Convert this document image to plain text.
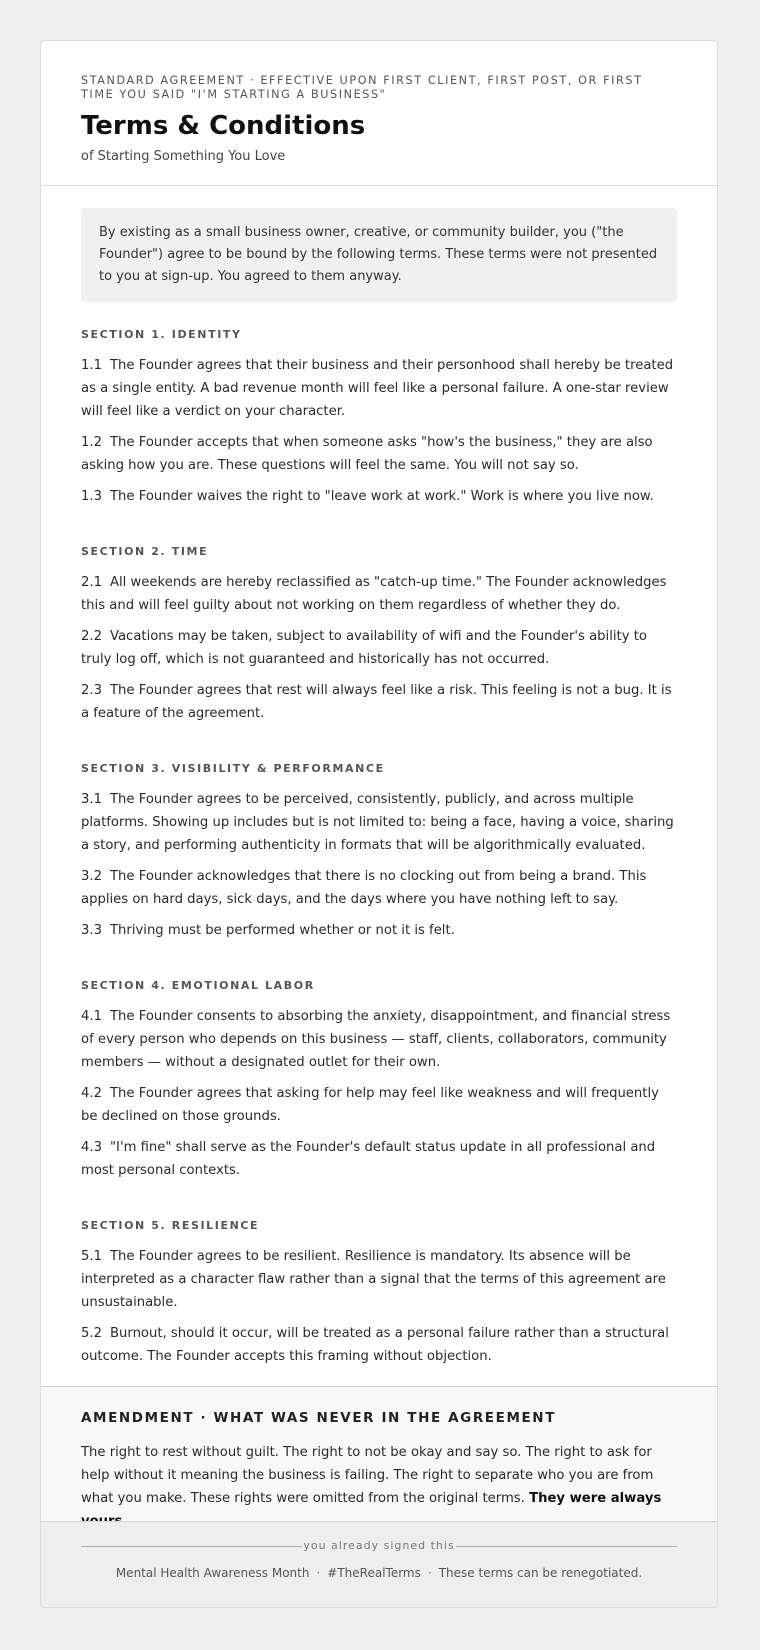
STANDARD AGREEMENT · EFFECTIVE UPON FIRST CLIENT, FIRST POST, OR FIRST TIME YOU SAID "I'M STARTING A BUSINESS"

Terms & Conditions

of Starting Something You Love

By existing as a small business owner, creative, or community builder, you ("the Founder") agree to be bound by the following terms. These terms were not presented to you at sign-up. You agreed to them anyway.
SECTION 1. IDENTITY

1.1 The Founder agrees that their business and their personhood shall hereby be treated as a single entity. A bad revenue month will feel like a personal failure. A one-star review will feel like a verdict on your character.

1.2 The Founder accepts that when someone asks "how's the business," they are also asking how you are. These questions will feel the same. You will not say so.

1.3 The Founder waives the right to "leave work at work." Work is where you live now.

SECTION 2. TIME

2.1 All weekends are hereby reclassified as "catch-up time." The Founder acknowledges this and will feel guilty about not working on them regardless of whether they do.

2.2 Vacations may be taken, subject to availability of wifi and the Founder's ability to truly log off, which is not guaranteed and historically has not occurred.

2.3 The Founder agrees that rest will always feel like a risk. This feeling is not a bug. It is a feature of the agreement.

SECTION 3. VISIBILITY & PERFORMANCE

3.1 The Founder agrees to be perceived, consistently, publicly, and across multiple platforms. Showing up includes but is not limited to: being a face, having a voice, sharing a story, and performing authenticity in formats that will be algorithmically evaluated.

3.2 The Founder acknowledges that there is no clocking out from being a brand. This applies on hard days, sick days, and the days where you have nothing left to say.

3.3 Thriving must be performed whether or not it is felt.

SECTION 4. EMOTIONAL LABOR

4.1 The Founder consents to absorbing the anxiety, disappointment, and financial stress of every person who depends on this business — staff, clients, collaborators, community members — without a designated outlet for their own.

4.2 The Founder agrees that asking for help may feel like weakness and will frequently be declined on those grounds.

4.3 "I'm fine" shall serve as the Founder's default status update in all professional and most personal contexts.

SECTION 5. RESILIENCE

5.1 The Founder agrees to be resilient. Resilience is mandatory. Its absence will be interpreted as a character flaw rather than a signal that the terms of this agreement are unsustainable.

5.2 Burnout, should it occur, will be treated as a personal failure rather than a structural outcome. The Founder accepts this framing without objection.

AMENDMENT · WHAT WAS NEVER IN THE AGREEMENT

The right to rest without guilt. The right to not be okay and say so. The right to ask for help without it meaning the business is failing. The right to separate who you are from what you make. These rights were omitted from the original terms. They were always

you already signed this
Mental Health Awareness Month · #TheRealTerms · These terms can be renegotiated.
